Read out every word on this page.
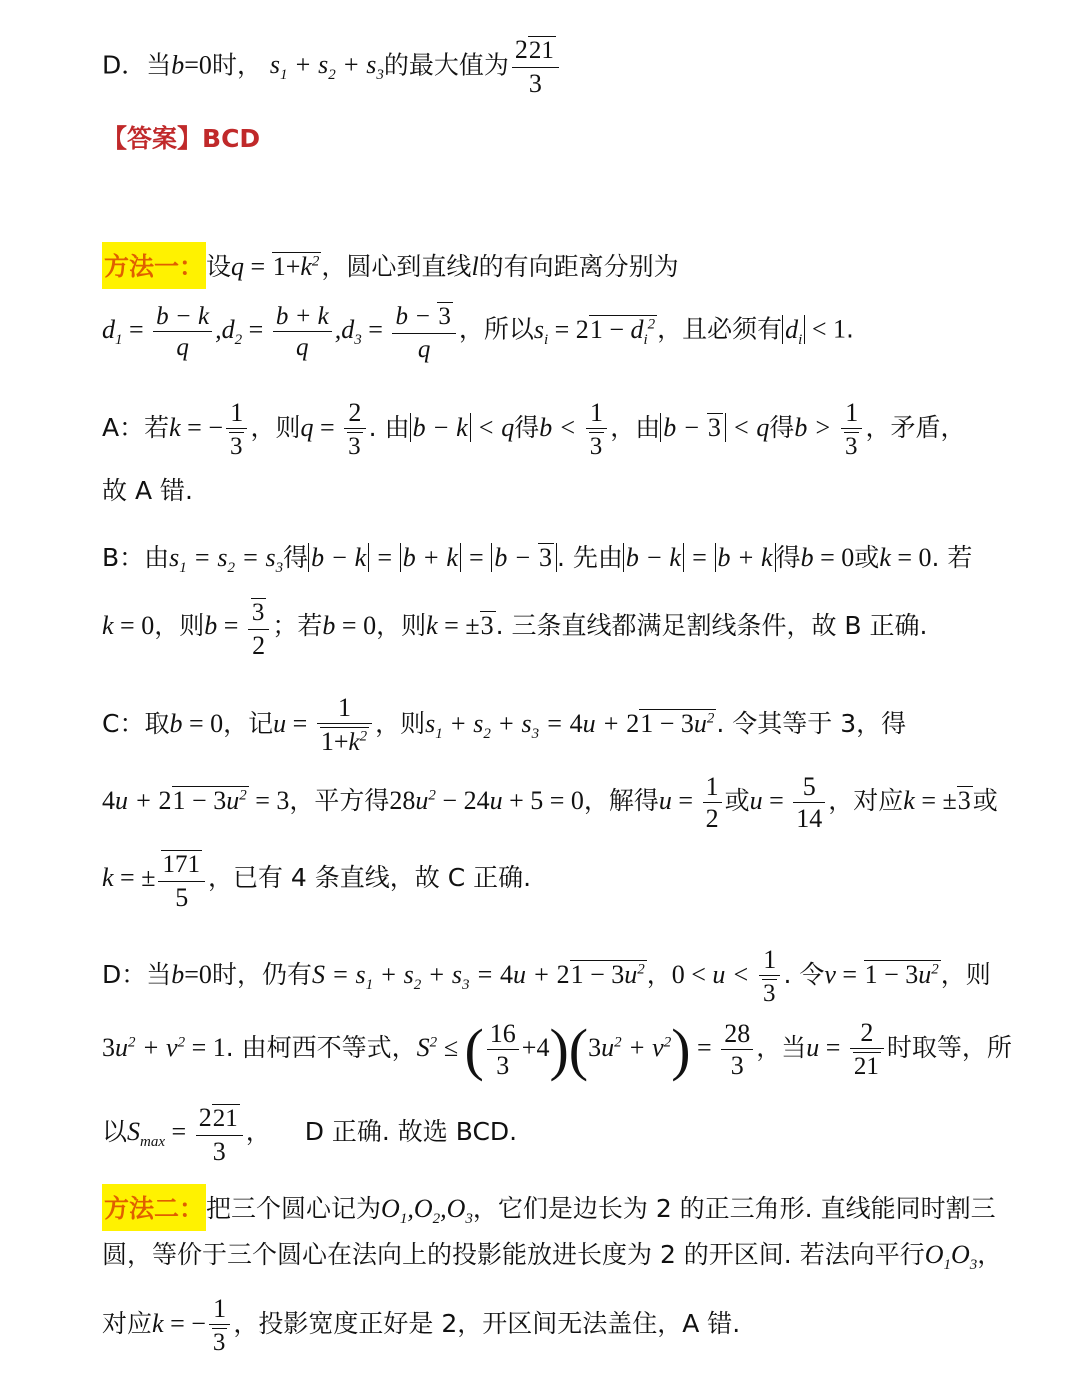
D．当b=0时， $s_1 + s_2 + s_3$的最大值为 $\frac{221}{3}$
【答案】BCD
方法一：设$q = 1+k^2$，圆心到直线l的有向距离分别为
$d_1 = \frac{b - k}{q} ,d_2 = \frac{b + k}{q} ,d_3 = \frac{b - 3}{q}$ ，所以$s_i = 21 - d_i^2$，且必须有 $d_i < 1$.
A：若k = − $\frac{1}{3}$ ，则$q = \frac{2}{3}$ . 由 b − k < q得$b < \frac{1}{3}$ ，由 b − 3 < q得$b > \frac{1}{3}$ ，矛盾，
故 A 错.
B：由$s_1 = s_2 = s_3$得 b − k = b + k = b − 3 . 先由 b − k = b + k 得b = 0或k = 0. 若
k = 0，则$b = \frac{3}{2}$ ；若b = 0，则k = ±3. 三条直线都满足割线条件，故 B 正确.
C：取b = 0，记$u = \frac{1}{1+k^2}$ ，则$s_1 + s_2 + s_3 = 4u + 21 - 3u^2$. 令其等于 3，得
$4u + 21 - 3u^2 = 3$，平方得$28u^2 - 24u + 5 = 0$，解得$u = \frac{1}{2}$ 或$u = \frac{5}{14}$ ，对应k = ±3或
k = ± $\frac{171}{5}$ ，已有 4 条直线，故 C 正确.
D：当b=0时，仍有$S = s_1 + s_2 + s_3 = 4u + 21 - 3u^2$，$0 < u < \frac{1}{3}$ . 令$v = 1 - 3u^2$，则
$3u^2 + v^2 = 1$. 由柯西不等式，$S^2$ ≤ ( $\frac{16}{3} +4)(3u^2 + v^2) = \frac{28}{3}$ ，当$u = \frac{2}{21}$ 时取等，所
以$S_{max} = \frac{221}{3}$ ， D 正确. 故选 BCD.
方法二：把三个圆心记为$O_1,O_2,O_3$，它们是边长为 2 的正三角形. 直线能同时割三
圆，等价于三个圆心在法向上的投影能放进长度为 2 的开区间. 若法向平行$O_1O_3$，
对应k = − $\frac{1}{3}$ ，投影宽度正好是 2，开区间无法盖住，A 错.
